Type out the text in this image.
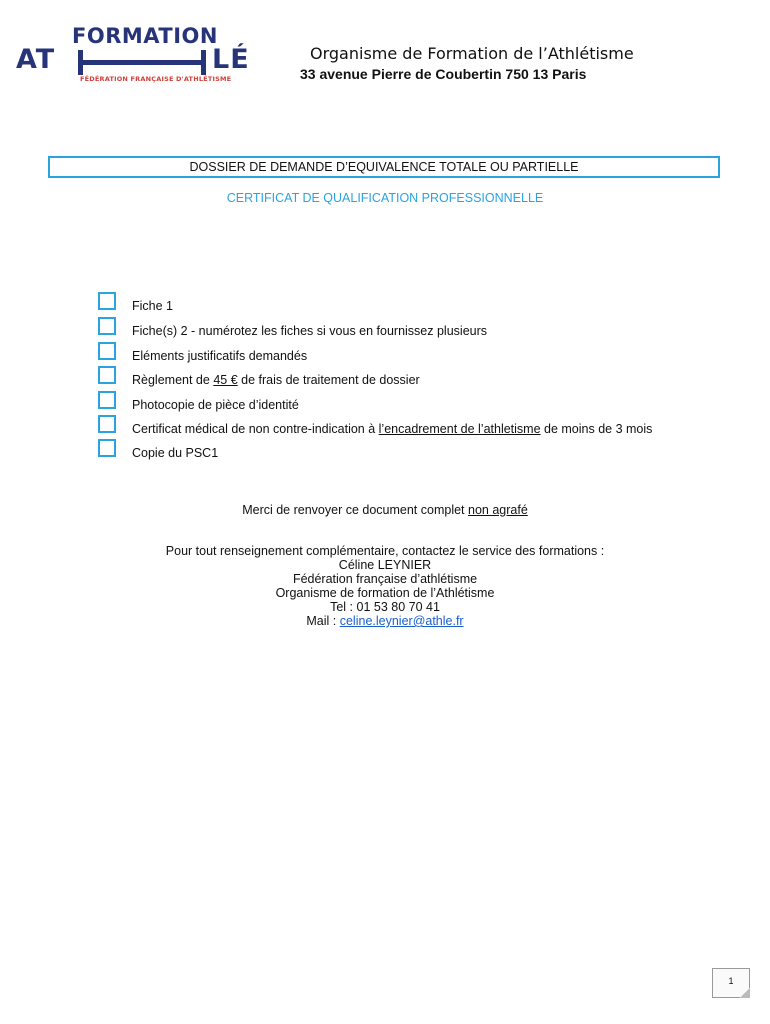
FORMATION
AT	LÉ
FÉDÉRATION FRANÇAISE D'ATHLÉTISME
Organisme de Formation de l’Athlétisme
33 avenue Pierre de Coubertin 750 13 Paris
DOSSIER DE DEMANDE D’EQUIVALENCE TOTALE OU PARTIELLE
CERTIFICAT DE QUALIFICATION PROFESSIONNELLE
Fiche 1
Fiche(s) 2 - numérotez les fiches si vous en fournissez plusieurs
Eléments justificatifs demandés
Règlement de 45 € de frais de traitement de dossier
Photocopie de pièce d’identité
Certificat médical de non contre-indication à l’encadrement de l’athletisme de moins de 3 mois
Copie du PSC1
Merci de renvoyer ce document complet non agrafé
Pour tout renseignement complémentaire, contactez le service des formations :
Céline LEYNIER
Fédération française d’athlétisme
Organisme de formation de l’Athlétisme
Tel : 01 53 80 70 41
Mail : celine.leynier@athle.fr
1
